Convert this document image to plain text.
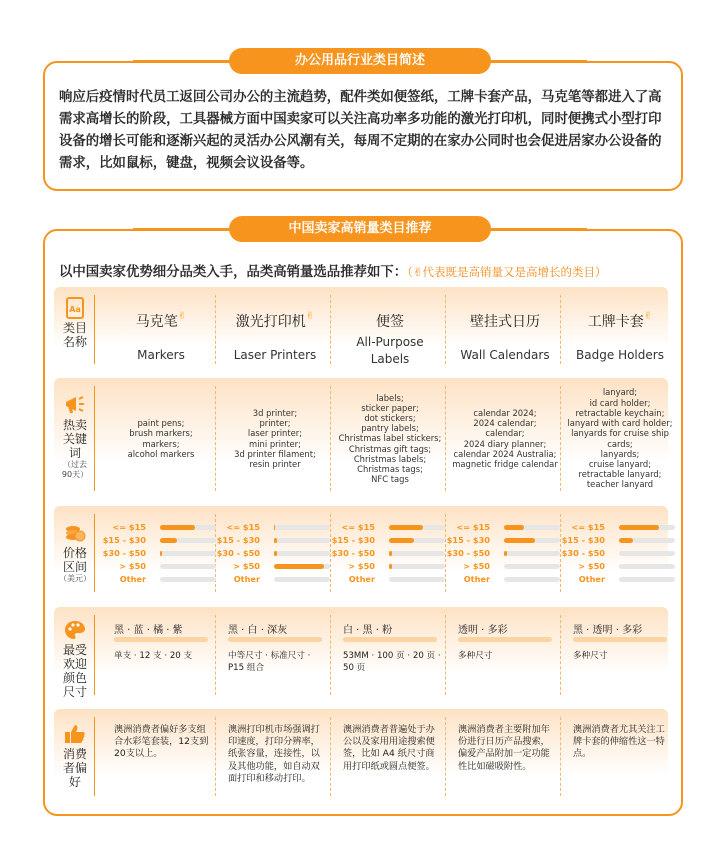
办公用品行业类目简述
响应后疫情时代员工返回公司办公的主流趋势，配件类如便签纸，工牌卡套产品，马克笔等都进入了高需求高增长的阶段，工具器械方面中国卖家可以关注高功率多功能的激光打印机，同时便携式小型打印设备的增长可能和逐渐兴起的灵活办公风潮有关，每周不定期的在家办公同时也会促进居家办公设备的需求，比如鼠标，键盘，视频会议设备等。
中国卖家高销量类目推荐
以中国卖家优势细分品类入手，品类高销量选品推荐如下：（✌代表既是高销量又是高增长的类目）
Aa
类目名称
马克笔✌
Markers
激光打印机✌
Laser Printers
便签
All-Purpose Labels
壁挂式日历
Wall Calendars
工牌卡套✌
Badge Holders
热卖关键词
（过去90天）
paint pens;
brush markers;
markers;
alcohol markers
3d printer;
printer;
laser printer;
mini printer;
3d printer filament;
resin printer
labels;
sticker paper;
dot stickers;
pantry labels;
Christmas label stickers;
Christmas gift tags;
Christmas labels;
Christmas tags;
NFC tags
calendar 2024;
2024 calendar;
calendar;
2024 diary planner;
calendar 2024 Australia;
magnetic fridge calendar
lanyard;
id card holder;
retractable keychain;
lanyard with card holder;
lanyards for cruise ship cards;
lanyards;
cruise lanyard;
retractable lanyard;
teacher lanyard
价格区间
（美元）
<= $15
$15 - $30
$30 - $50
> $50
Other
<= $15
$15 - $30
$30 - $50
> $50
Other
<= $15
$15 - $30
$30 - $50
> $50
Other
<= $15
$15 - $30
$30 - $50
> $50
Other
<= $15
$15 - $30
$30 - $50
> $50
Other
最受欢迎颜色尺寸
黑 · 蓝 · 橘 · 紫
单支 · 12 支 · 20 支
黑 · 白 · 深灰
中等尺寸 · 标准尺寸 · P15 组合
白 · 黑 · 粉
53MM · 100 页 · 20 页 · 50 页
透明 · 多彩
多种尺寸
黑 · 透明 · 多彩
多种尺寸
消费者偏好
澳洲消费者偏好多支组合水彩笔套装，12支到20支以上。
澳洲打印机市场强调打印速度，打印分辨率，纸张容量，连接性，以及其他功能，如自动双面打印和移动打印。
澳洲消费者普遍处于办公以及家用用途搜索便签，比如 A4 纸尺寸商用打印纸或圆点便签。
澳洲消费者主要附加年份进行日历产品搜索，偏爱产品附加一定功能性比如磁吸附性。
澳洲消费者尤其关注工牌卡套的伸缩性这一特点。
